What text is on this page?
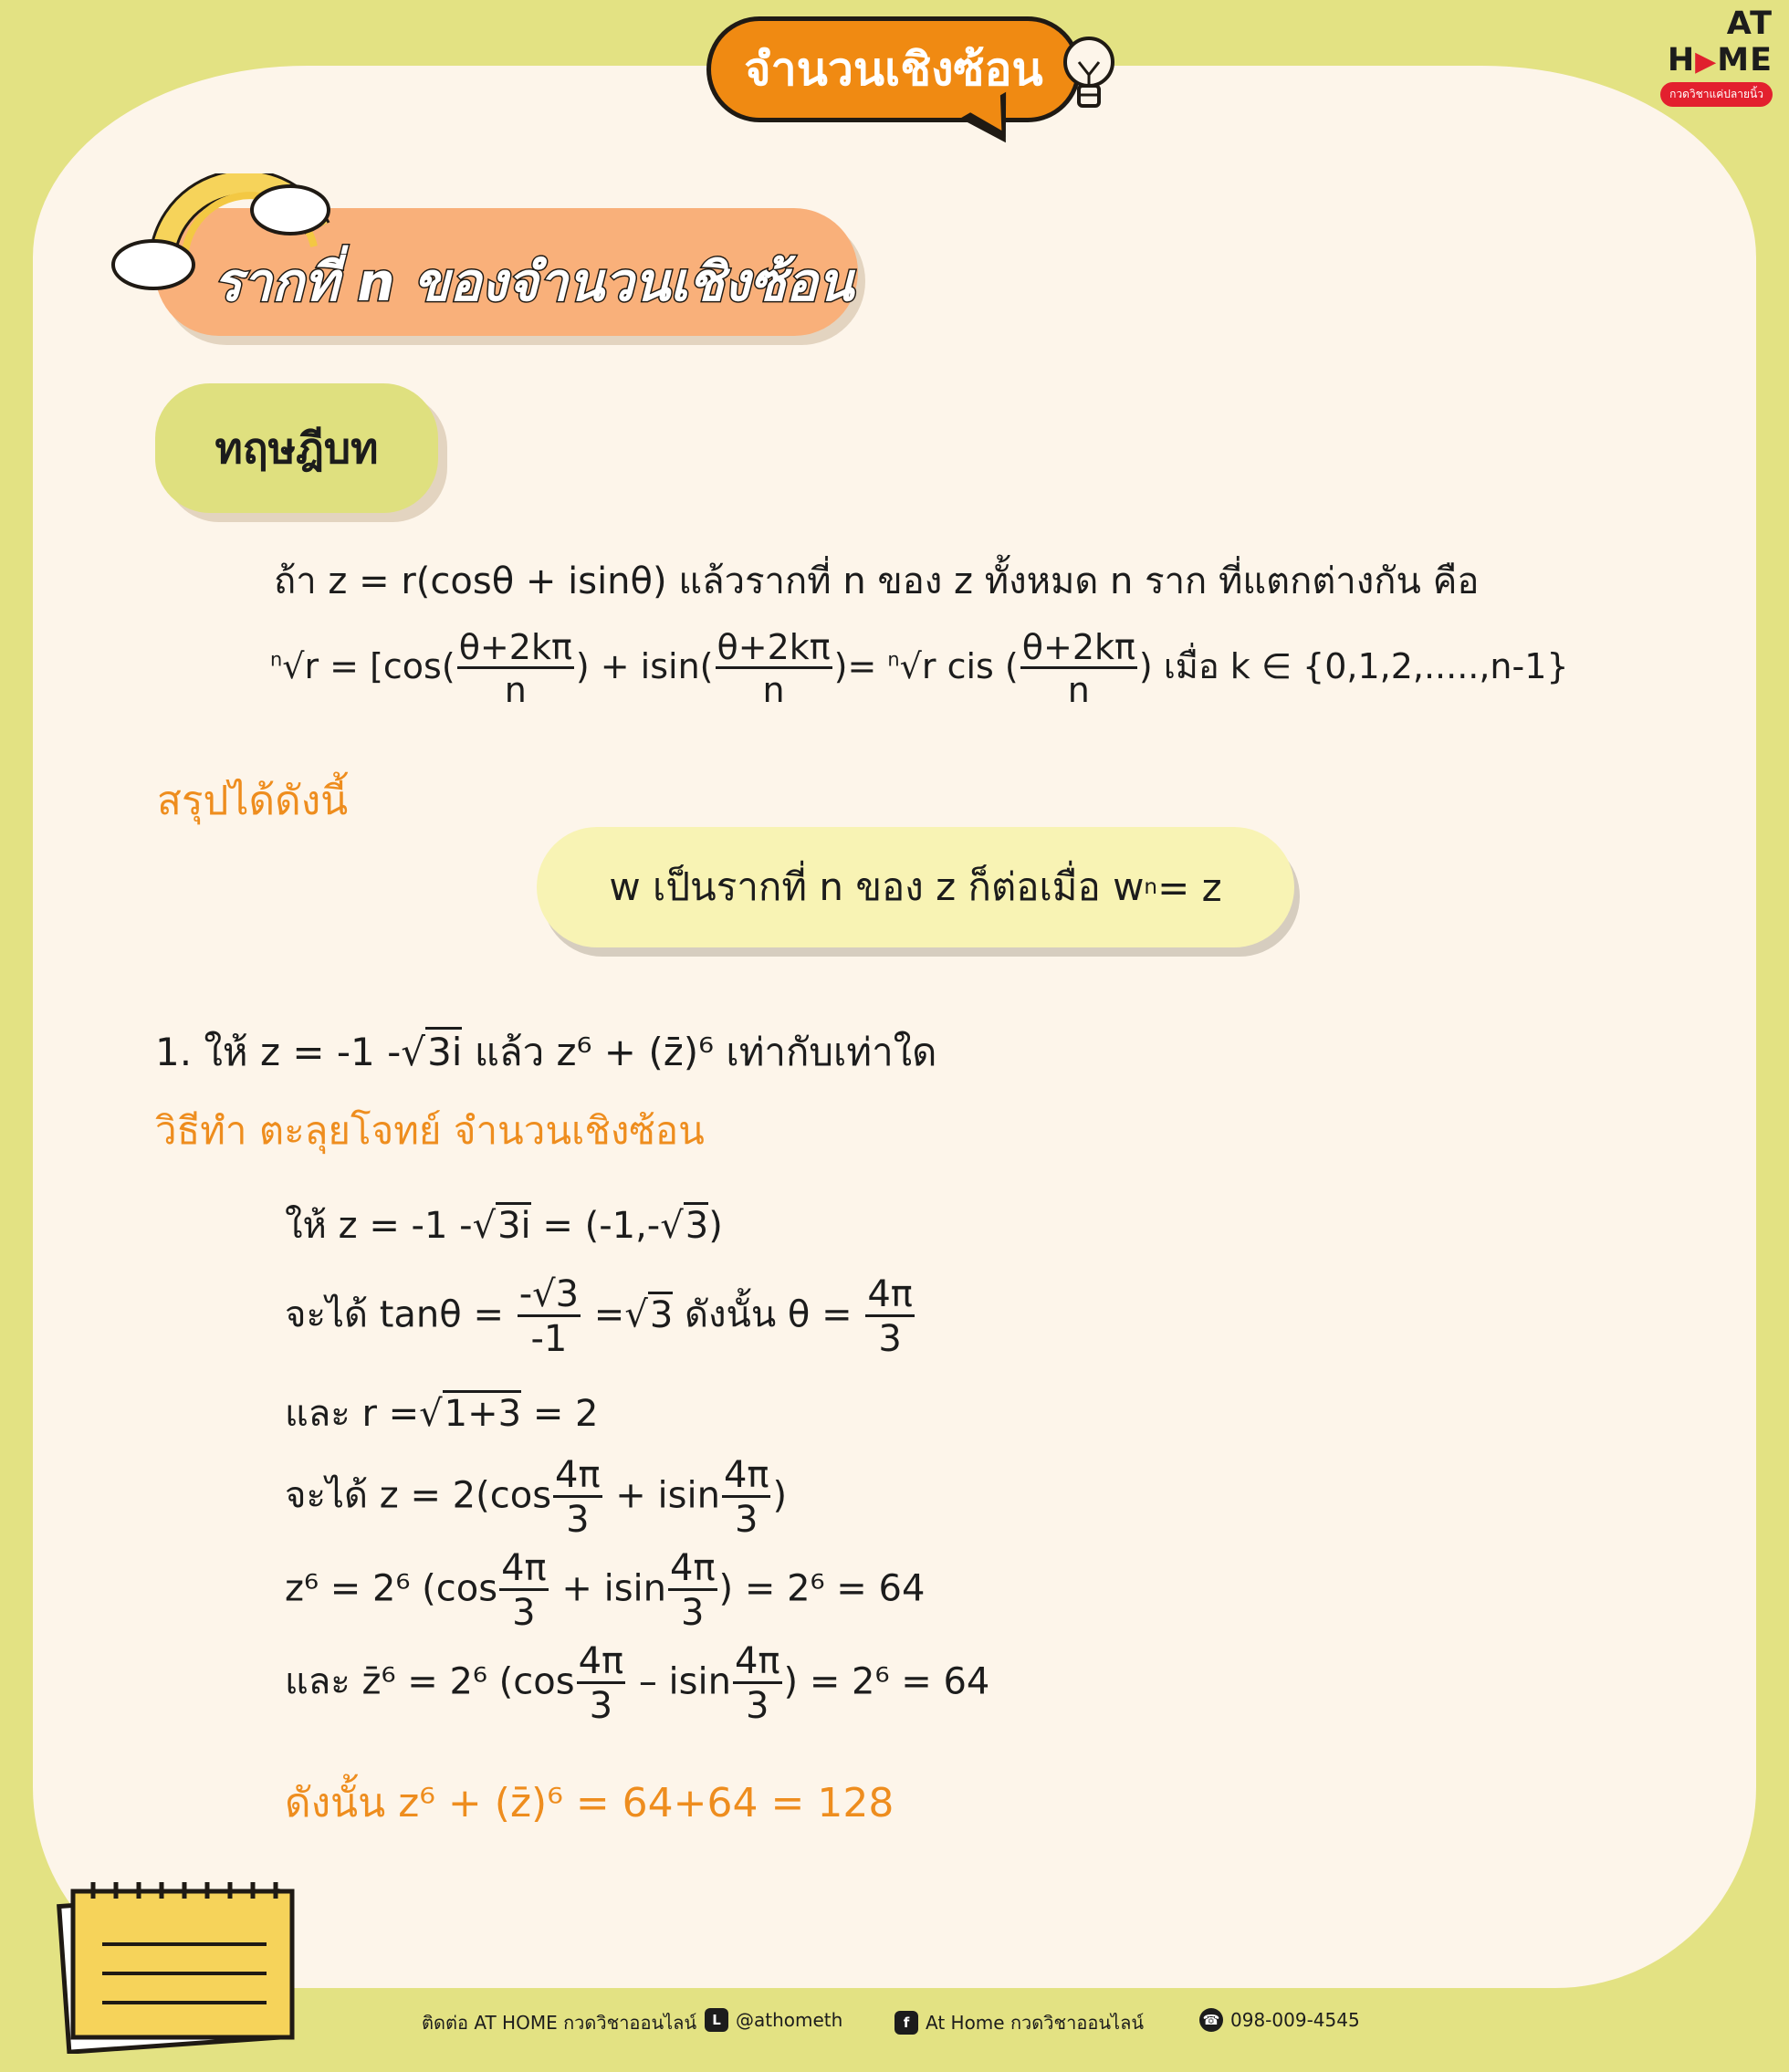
จำนวนเชิงซ้อน
AT H▶ME
กวดวิชาแค่ปลายนิ้ว
รากที่ n ของจำนวนเชิงซ้อน
ทฤษฎีบท
ถ้า z = r(cosθ + isinθ) แล้วรากที่ n ของ z ทั้งหมด n ราก ที่แตกต่างกัน คือ
$^n√r = [\cos( \frac{\theta+2k\pi}{n}$ ) + $isin( \frac{\theta+2k\pi}{n}$ )= $^n$√r cis ( $\frac{\theta+2k\pi}{n}$ ) เมื่อ k ∈ {0,1,2,.....,n-1}
สรุปได้ดังนี้
w เป็นรากที่ n ของ z ก็ต่อเมื่อ w n = z
1. ให้ z = -1 -√3i แล้ว z⁶ + (z̄)⁶ เท่ากับเท่าใด
วิธีทำ ตะลุยโจทย์ จำนวนเชิงซ้อน
ให้ z = -1 -√3i = (-1,-√3)
จะได้ $\tan\theta = \frac{-√3}{-1} =√3$ ดังนั้น $\theta = \frac{4\pi}{3}$
และ r =√1+3 = 2
จะได้ $z = 2(\cos \frac{4\pi}{3} + isin \frac{4\pi}{3}$ )
z⁶ = 2⁶ ($\cos \frac{4\pi}{3} + isin \frac{4\pi}{3}$ ) = 2⁶ = 64
และ z̄⁶ = 2⁶ ($\cos \frac{4\pi}{3}$ – isin $\frac{4\pi}{3}$ ) = 2⁶ = 64
ดังนั้น z⁶ + (z̄)⁶ = 64+64 = 128
ติดต่อ AT HOME กวดวิชาออนไลน์	L @athometh	f At Home กวดวิชาออนไลน์	☎ 098-009-4545
